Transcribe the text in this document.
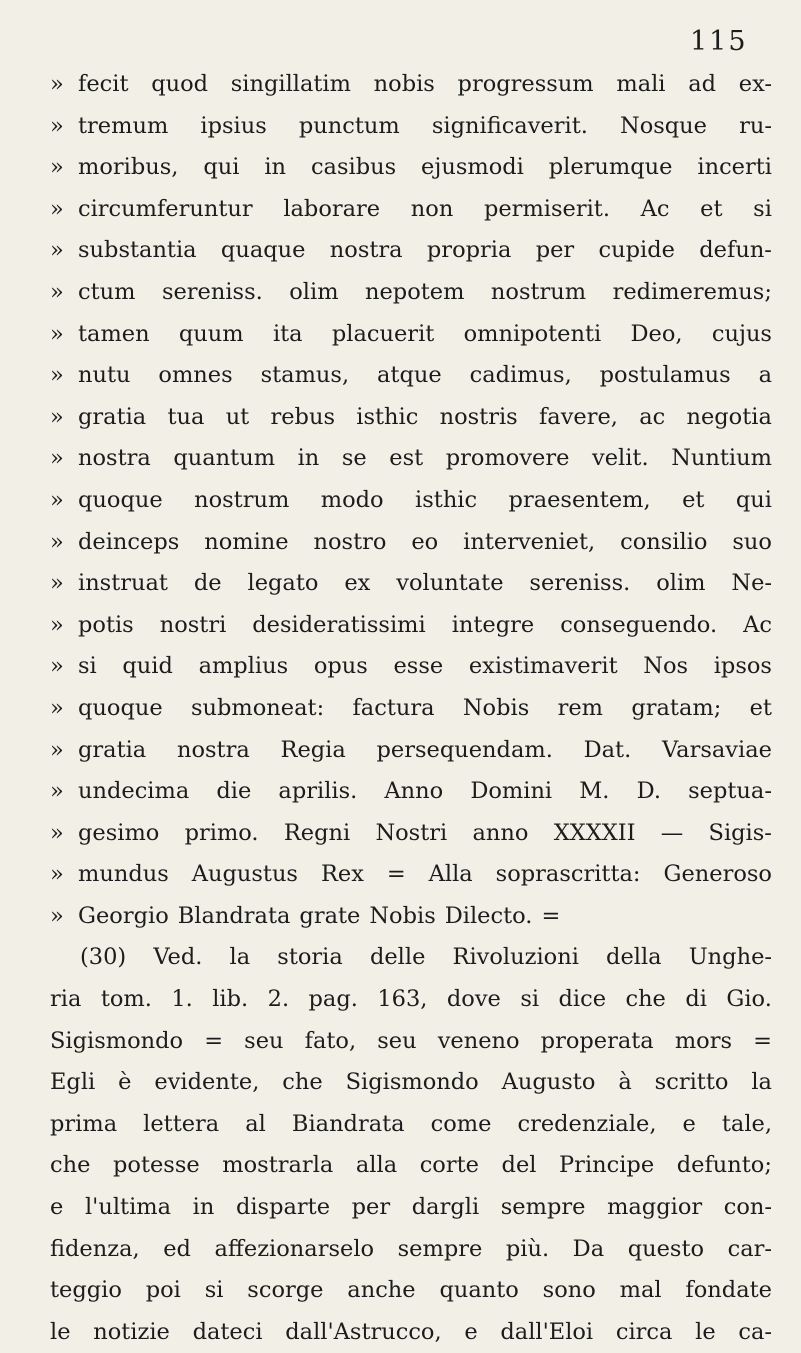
115
» fecit quod singillatim nobis progressum mali ad ex-
» tremum ipsius punctum significaverit. Nosque ru-
» moribus, qui in casibus ejusmodi plerumque incerti
» circumferuntur laborare non permiserit. Ac et si
» substantia quaque nostra propria per cupide defun-
» ctum sereniss. olim nepotem nostrum redimeremus;
» tamen quum ita placuerit omnipotenti Deo, cujus
» nutu omnes stamus, atque cadimus, postulamus a
» gratia tua ut rebus isthic nostris favere, ac negotia
» nostra quantum in se est promovere velit. Nuntium
» quoque nostrum modo isthic praesentem, et qui
» deinceps nomine nostro eo interveniet, consilio suo
» instruat de legato ex voluntate sereniss. olim Ne-
» potis nostri desideratissimi integre conseguendo. Ac
» si quid amplius opus esse existimaverit Nos ipsos
» quoque submoneat: factura Nobis rem gratam; et
» gratia nostra Regia persequendam. Dat. Varsaviae
» undecima die aprilis. Anno Domini M. D. septua-
» gesimo primo. Regni Nostri anno XXXXII — Sigis-
» mundus Augustus Rex = Alla soprascritta: Generoso
» Georgio Blandrata grate Nobis Dilecto. =
(30) Ved. la storia delle Rivoluzioni della Unghe-
ria tom. 1. lib. 2. pag. 163, dove si dice che di Gio.
Sigismondo = seu fato, seu veneno properata mors =
Egli è evidente, che Sigismondo Augusto à scritto la
prima lettera al Biandrata come credenziale, e tale,
che potesse mostrarla alla corte del Principe defunto;
e l'ultima in disparte per dargli sempre maggior con-
fidenza, ed affezionarselo sempre più. Da questo car-
teggio poi si scorge anche quanto sono mal fondate
le notizie dateci dall'Astrucco, e dall'Eloi circa le ca-
